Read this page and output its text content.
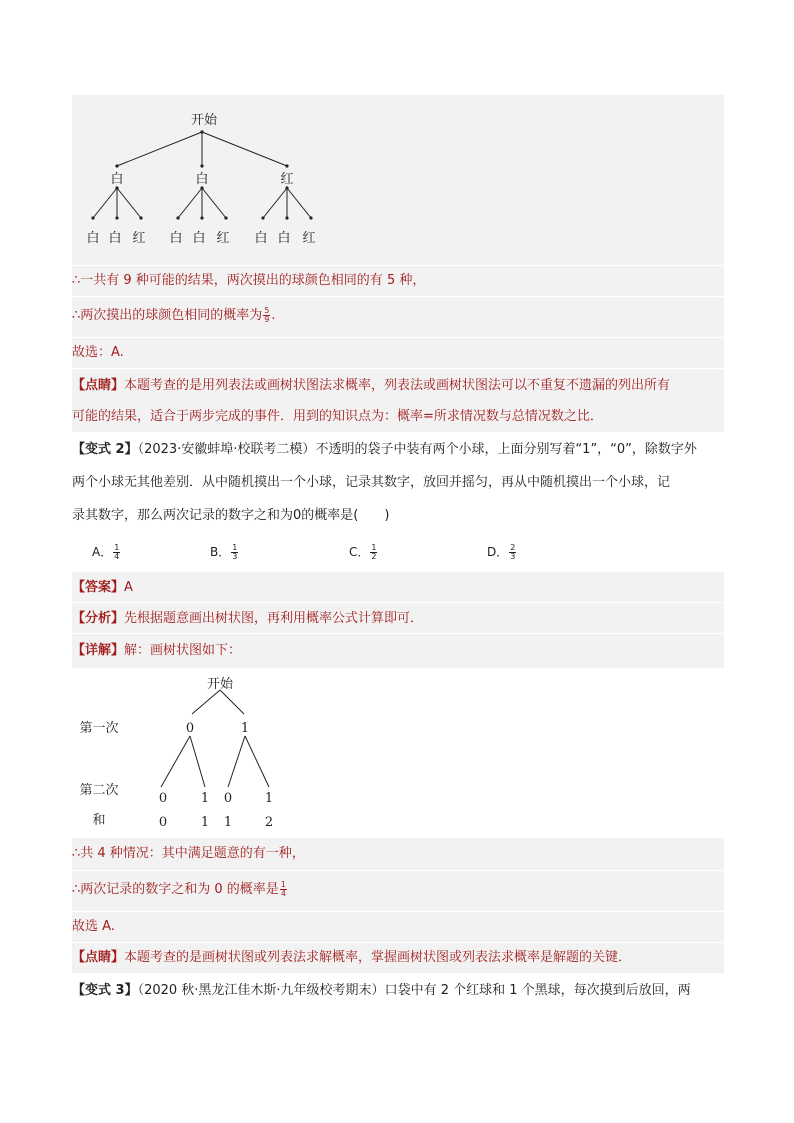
开始
白	白	红
白 白 红 白 白 红 白 白 红
∴一共有 9 种可能的结果，两次摸出的球颜色相同的有 5 种，
∴两次摸出的球颜色相同的概率为 $\frac{5}{9}$ .
故选：A.
【点睛】本题考查的是用列表法或画树状图法求概率，列表法或画树状图法可以不重复不遗漏的列出所有
可能的结果，适合于两步完成的事件．用到的知识点为：概率=所求情况数与总情况数之比．
【变式 2】（2023·安徽蚌埠·校联考二模）不透明的袋子中装有两个小球，上面分别写着“1”，“0”，除数字外
两个小球无其他差别．从中随机摸出一个小球，记录其数字，放回并摇匀，再从中随机摸出一个小球，记
录其数字，那么两次记录的数字之和为0的概率是(　　)
A． $\frac{1}{4}$	B． $\frac{1}{3}$	C． $\frac{1}{2}$	D． $\frac{2}{3}$
【答案】A
【分析】先根据题意画出树状图，再利用概率公式计算即可．
【详解】解：画树状图如下：
开始
第一次	0	1
第二次
0	1 0	1
和	0	1 1	2
∴共 4 种情况：其中满足题意的有一种，
∴两次记录的数字之和为 0 的概率是 $\frac{1}{4}$
故选 A.
【点睛】本题考查的是画树状图或列表法求解概率，掌握画树状图或列表法求概率是解题的关键．
【变式 3】（2020 秋·黑龙江佳木斯·九年级校考期末）口袋中有 2 个红球和 1 个黑球，每次摸到后放回，两
